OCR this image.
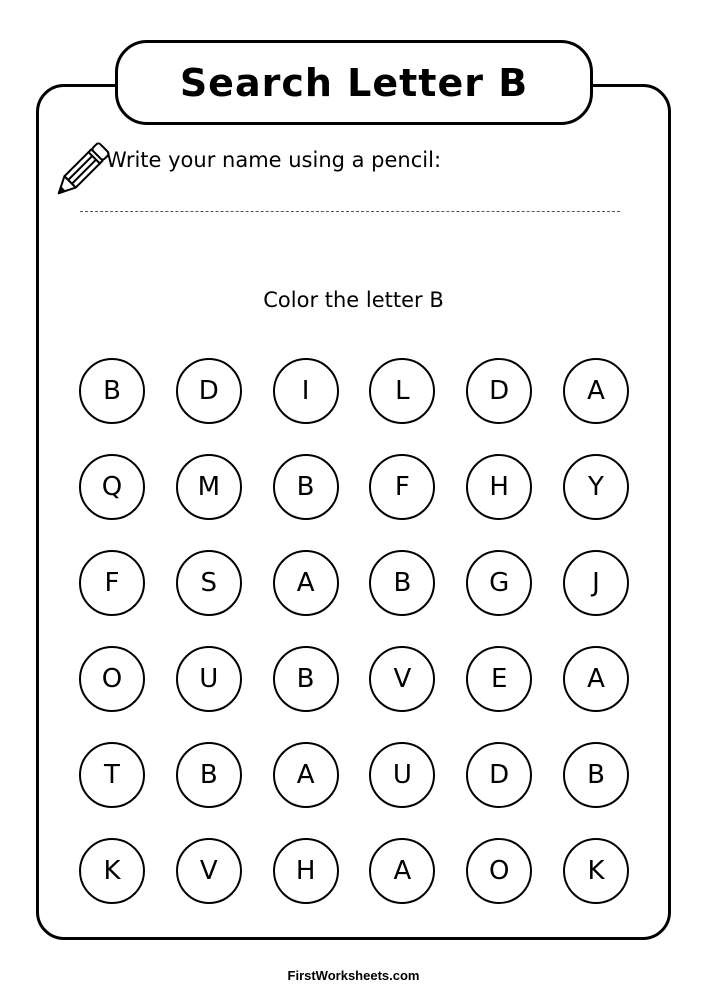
Search Letter B
Write your name using a pencil:
Color the letter B
B	D	I	L	D	A
Q	M	B	F	H	Y
F	S	A	B	G	J
O	U	B	V	E	A
T	B	A	U	D	B
K	V	H	A	O	K
FirstWorksheets.com
